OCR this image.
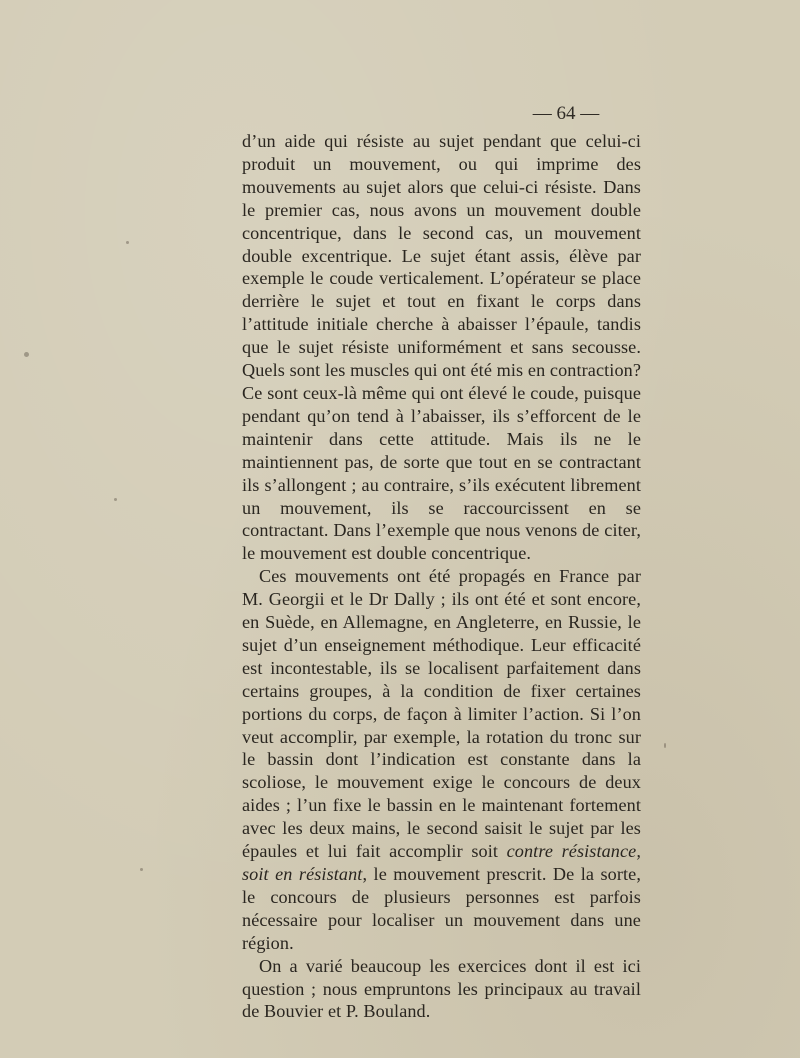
— 64 —

d’un aide qui résiste au sujet pendant que celui-ci produit un mouvement, ou qui imprime des mouvements au sujet alors que celui-ci résiste. Dans le premier cas, nous avons un mouvement double concentrique, dans le second cas, un mouvement double excentrique. Le sujet étant assis, élève par exemple le coude verticalement. L’opérateur se place derrière le sujet et tout en fixant le corps dans l’attitude initiale cherche à abaisser l’épaule, tandis que le sujet résiste uniformément et sans secousse. Quels sont les muscles qui ont été mis en contraction? Ce sont ceux-là même qui ont élevé le coude, puisque pendant qu’on tend à l’abaisser, ils s’efforcent de le maintenir dans cette attitude. Mais ils ne le maintiennent pas, de sorte que tout en se contractant ils s’allongent ; au contraire, s’ils exécutent librement un mouvement, ils se raccourcissent en se contractant. Dans l’exemple que nous venons de citer, le mouvement est double concentrique.

Ces mouvements ont été propagés en France par M. Georgii et le Dr Dally ; ils ont été et sont encore, en Suède, en Allemagne, en Angleterre, en Russie, le sujet d’un enseignement méthodique. Leur efficacité est incontestable, ils se localisent parfaitement dans certains groupes, à la condition de fixer certaines portions du corps, de façon à limiter l’action. Si l’on veut accomplir, par exemple, la rotation du tronc sur le bassin dont l’indication est constante dans la scoliose, le mouvement exige le concours de deux aides ; l’un fixe le bassin en le maintenant fortement avec les deux mains, le second saisit le sujet par les épaules et lui fait accomplir soit contre résistance, soit en résistant, le mouvement prescrit. De la sorte, le concours de plusieurs personnes est parfois nécessaire pour localiser un mouvement dans une région.

On a varié beaucoup les exercices dont il est ici question ; nous empruntons les principaux au travail de Bouvier et P. Bouland.
